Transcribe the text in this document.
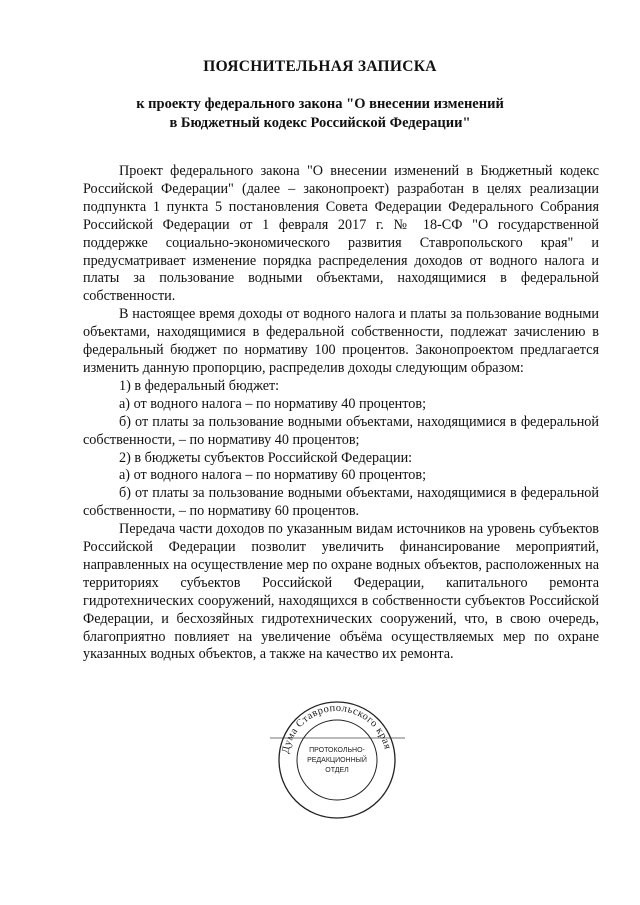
ПОЯСНИТЕЛЬНАЯ ЗАПИСКА
к проекту федерального закона "О внесении изменений
в Бюджетный кодекс Российской Федерации"

Проект федерального закона "О внесении изменений в Бюджетный кодекс Российской Федерации" (далее – законопроект) разработан в целях реализации подпункта 1 пункта 5 постановления Совета Федерации Федерального Собрания Российской Федерации от 1 февраля 2017 г. № 18-СФ "О государственной поддержке социально-экономического развития Ставропольского края" и предусматривает изменение порядка распределения доходов от водного налога и платы за пользование водными объектами, находящимися в федеральной собственности.

В настоящее время доходы от водного налога и платы за пользование водными объектами, находящимися в федеральной собственности, подлежат зачислению в федеральный бюджет по нормативу 100 процентов. Законопроектом предлагается изменить данную пропорцию, распределив доходы следующим образом:

1) в федеральный бюджет:

а) от водного налога – по нормативу 40 процентов;

б) от платы за пользование водными объектами, находящимися в федеральной собственности, – по нормативу 40 процентов;

2) в бюджеты субъектов Российской Федерации:

а) от водного налога – по нормативу 60 процентов;

б) от платы за пользование водными объектами, находящимися в федеральной собственности, – по нормативу 60 процентов.

Передача части доходов по указанным видам источников на уровень субъектов Российской Федерации позволит увеличить финансирование мероприятий, направленных на осуществление мер по охране водных объектов, расположенных на территориях субъектов Российской Федерации, капитального ремонта гидротехнических сооружений, находящихся в собственности субъектов Российской Федерации, и бесхозяйных гидротехнических сооружений, что, в свою очередь, благоприятно повлияет на увеличение объёма осуществляемых мер по охране указанных водных объектов, а также на качество их ремонта.

Дума Ставропольского края
ПРОТОКОЛЬНО-
РЕДАКЦИОННЫЙ
ОТДЕЛ
